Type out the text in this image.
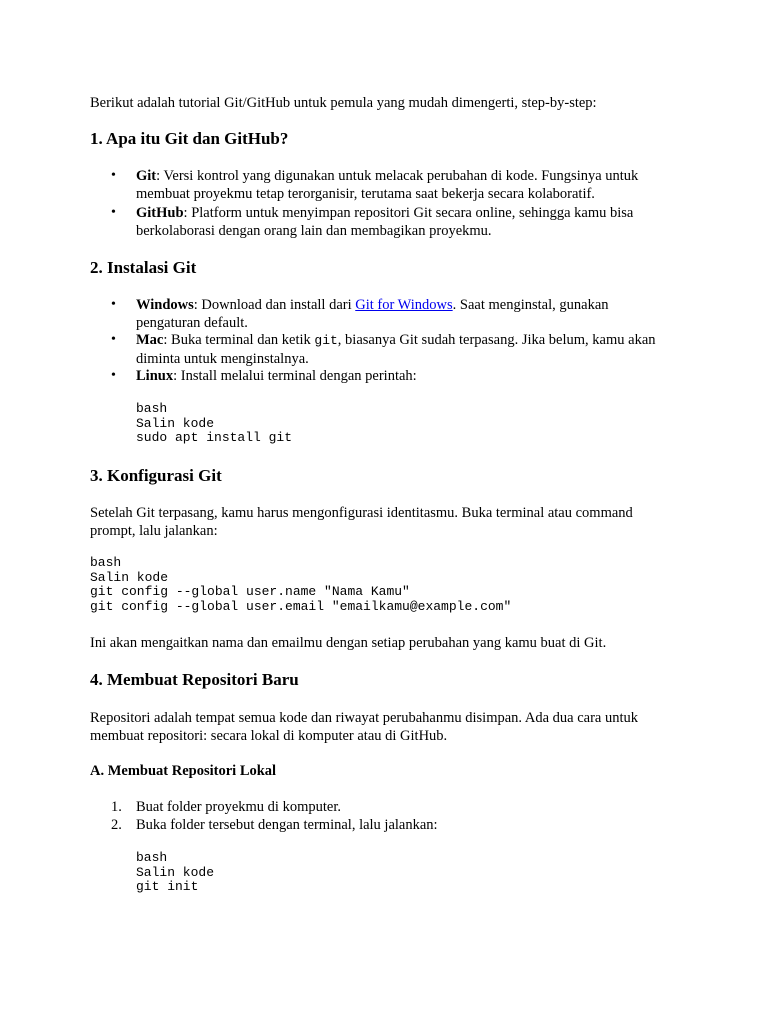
Berikut adalah tutorial Git/GitHub untuk pemula yang mudah dimengerti, step-by-step:

1. Apa itu Git dan GitHub?
• Git: Versi kontrol yang digunakan untuk melacak perubahan di kode. Fungsinya untuk
membuat proyekmu tetap terorganisir, terutama saat bekerja secara kolaboratif.
• GitHub: Platform untuk menyimpan repositori Git secara online, sehingga kamu bisa
berkolaborasi dengan orang lain dan membagikan proyekmu.
2. Instalasi Git
• Windows: Download dan install dari Git for Windows. Saat menginstal, gunakan
pengaturan default.
• Mac: Buka terminal dan ketik git, biasanya Git sudah terpasang. Jika belum, kamu akan
diminta untuk menginstalnya.
• Linux: Install melalui terminal dengan perintah:
bash
Salin kode
sudo apt install git
3. Konfigurasi Git

Setelah Git terpasang, kamu harus mengonfigurasi identitasmu. Buka terminal atau command
prompt, lalu jalankan:

bash
Salin kode
git config --global user.name "Nama Kamu"
git config --global user.email "emailkamu@example.com"

Ini akan mengaitkan nama dan emailmu dengan setiap perubahan yang kamu buat di Git.

4. Membuat Repositori Baru

Repositori adalah tempat semua kode dan riwayat perubahanmu disimpan. Ada dua cara untuk
membuat repositori: secara lokal di komputer atau di GitHub.

A. Membuat Repositori Lokal
1. Buat folder proyekmu di komputer.
2. Buka folder tersebut dengan terminal, lalu jalankan:
bash
Salin kode
git init
